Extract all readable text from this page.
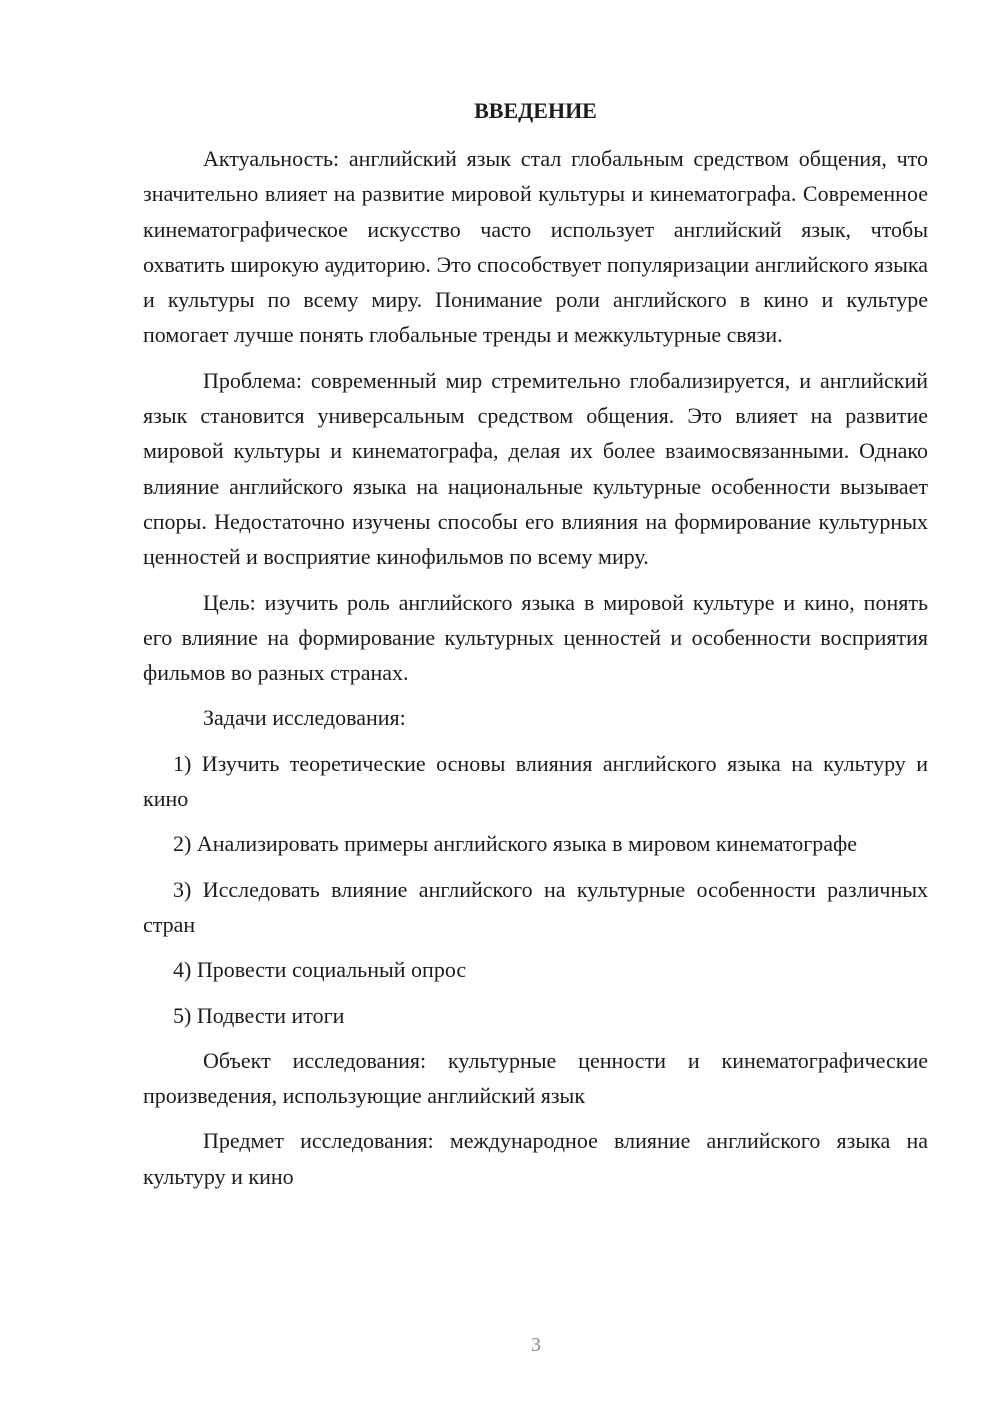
ВВЕДЕНИЕ

Актуальность: английский язык стал глобальным средством общения, что значительно влияет на развитие мировой культуры и кинематографа. Современное кинематографическое искусство часто использует английский язык, чтобы охватить широкую аудиторию. Это способствует популяризации английского языка и культуры по всему миру. Понимание роли английского в кино и культуре помогает лучше понять глобальные тренды и межкультурные связи.

Проблема: современный мир стремительно глобализируется, и английский язык становится универсальным средством общения. Это влияет на развитие мировой культуры и кинематографа, делая их более взаимосвязанными. Однако влияние английского языка на национальные культурные особенности вызывает споры. Недостаточно изучены способы его влияния на формирование культурных ценностей и восприятие кинофильмов по всему миру.

Цель: изучить роль английского языка в мировой культуре и кино, понять его влияние на формирование культурных ценностей и особенности восприятия фильмов во разных странах.

Задачи исследования:

1) Изучить теоретические основы влияния английского языка на культуру и кино

2) Анализировать примеры английского языка в мировом кинематографе

3) Исследовать влияние английского на культурные особенности различных стран

4) Провести социальный опрос

5) Подвести итоги

Объект исследования: культурные ценности и кинематографические произведения, использующие английский язык

Предмет исследования: международное влияние английского языка на культуру и кино

3
